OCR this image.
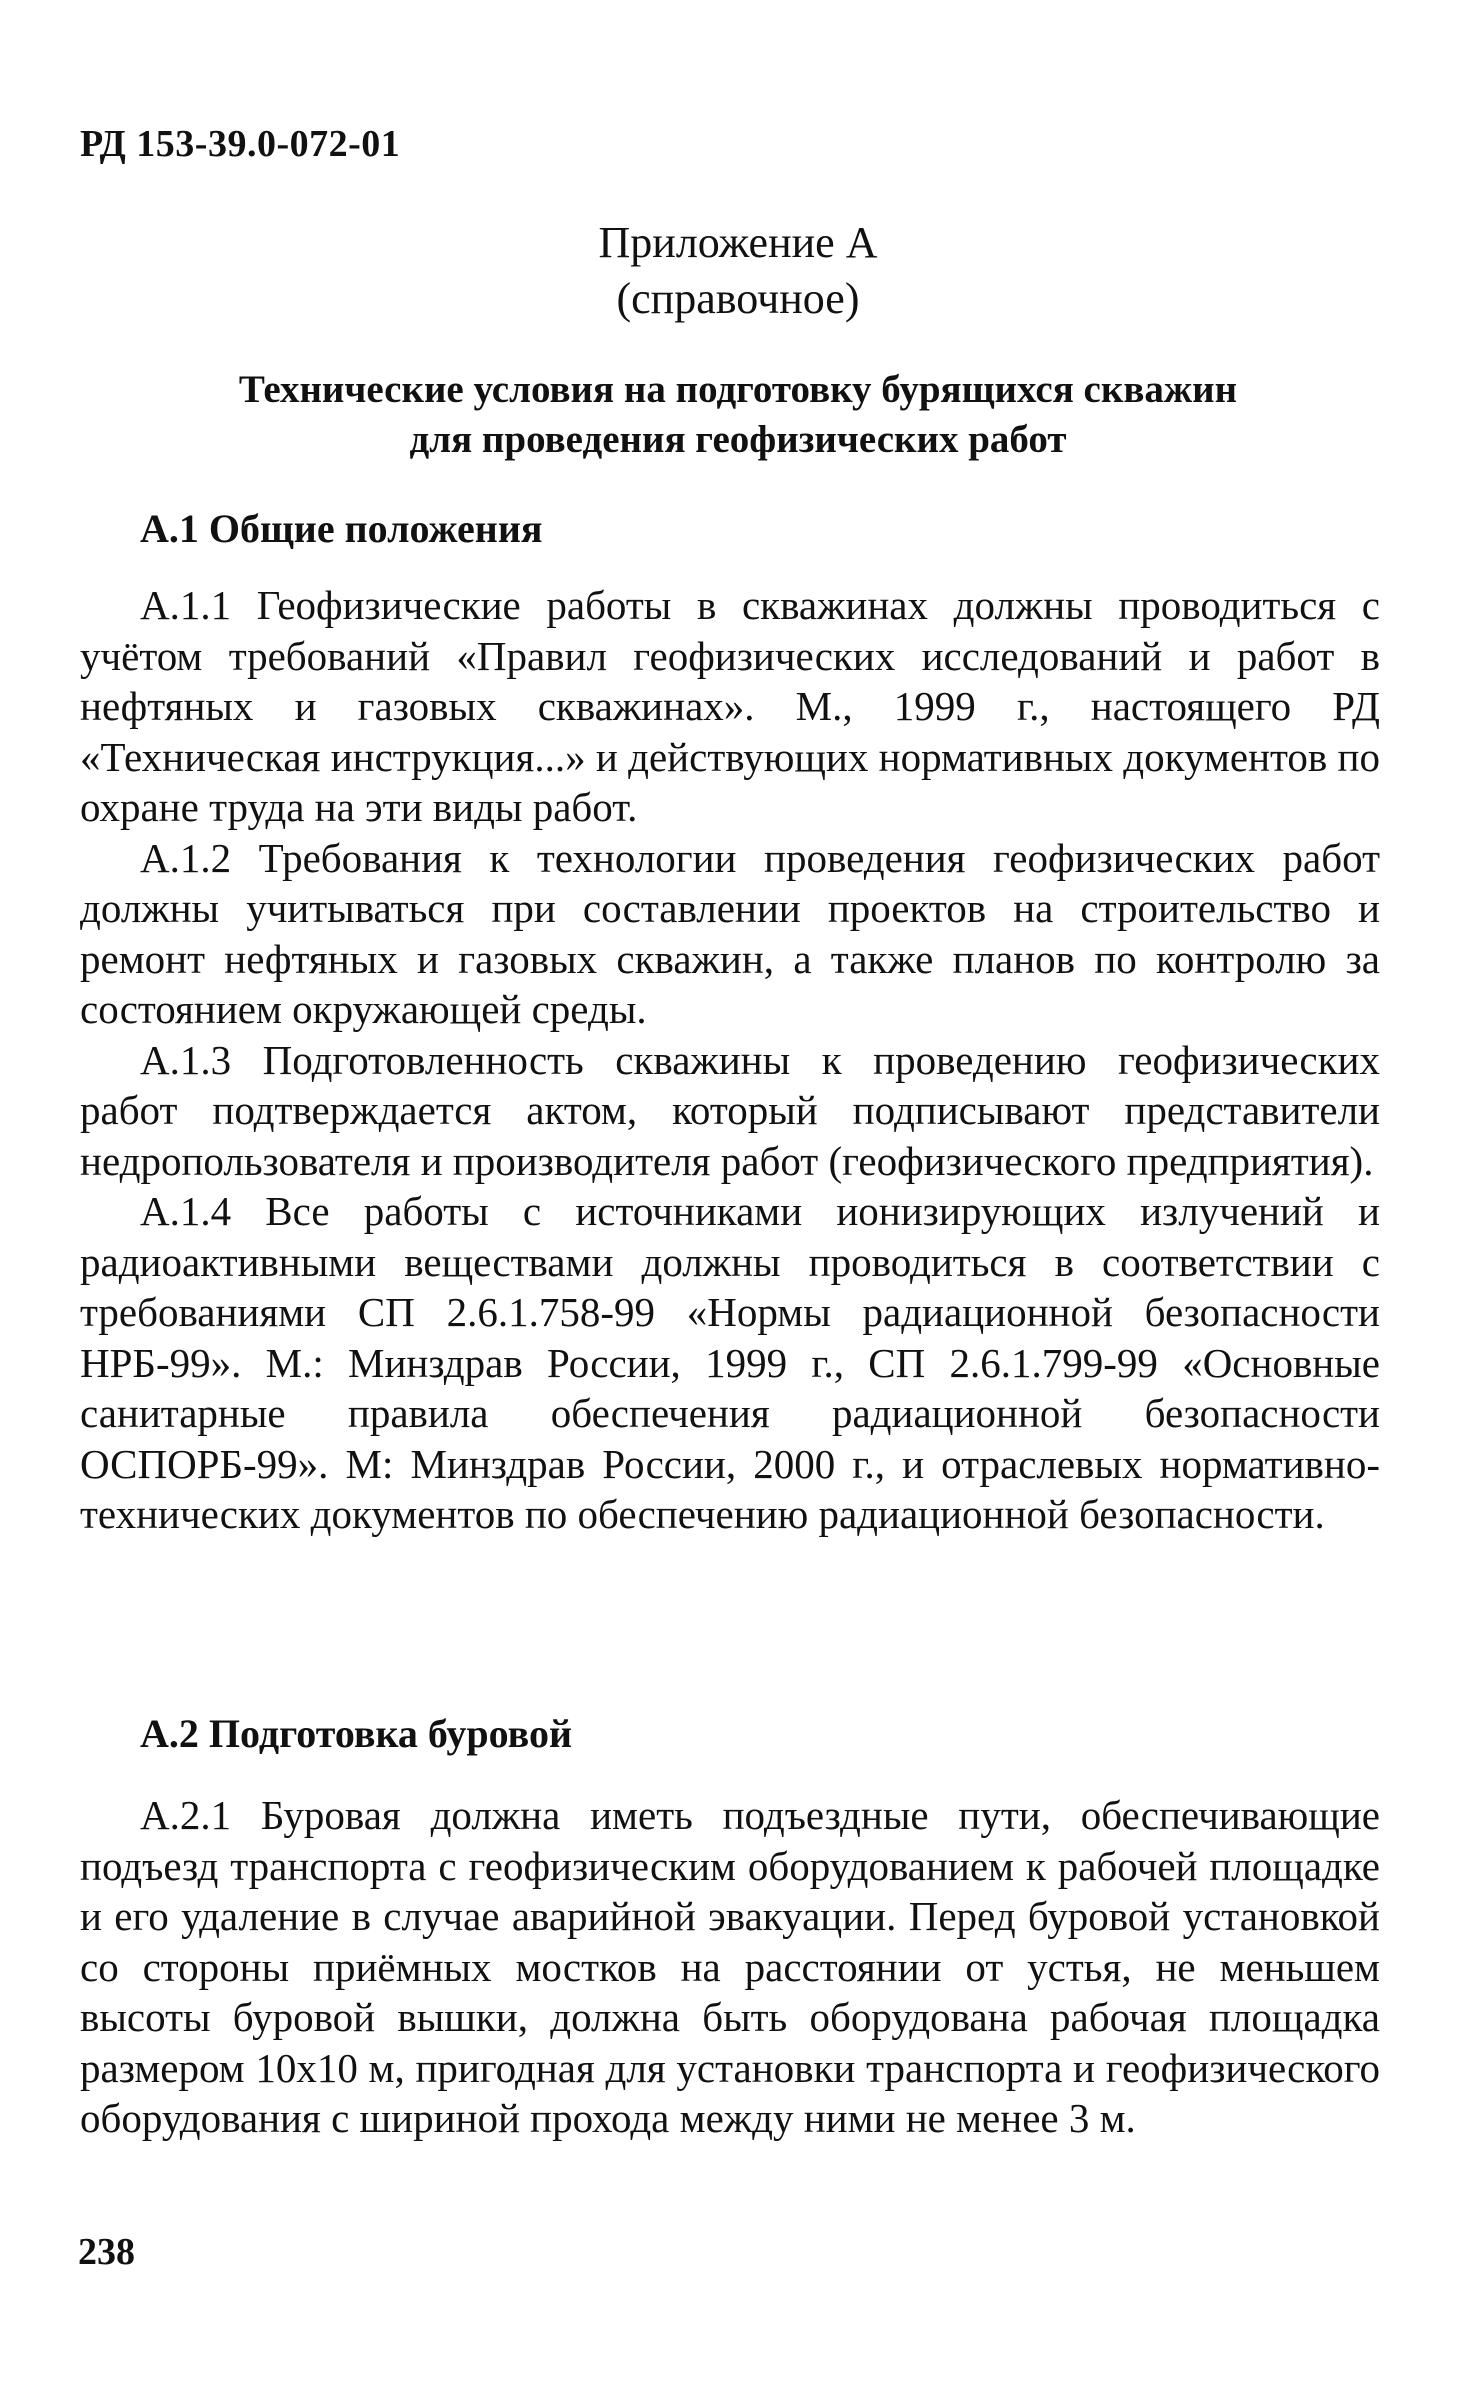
РД 153-39.0-072-01
Приложение А
(справочное)
Технические условия на подготовку бурящихся скважин
для проведения геофизических работ
А.1 Общие положения

А.1.1 Геофизические работы в скважинах должны проводиться с учётом требований «Правил геофизических исследований и работ в нефтяных и газовых скважинах». М., 1999 г., настоящего РД «Техническая инструкция...» и действующих нормативных документов по охране труда на эти виды работ.

А.1.2 Требования к технологии проведения геофизических работ должны учитываться при составлении проектов на строительство и ремонт нефтяных и газовых скважин, а также планов по контролю за состоянием окружающей среды.

А.1.3 Подготовленность скважины к проведению геофизических работ подтверждается актом, который подписывают представители недропользователя и производителя работ (геофизического предприятия).

А.1.4 Все работы с источниками ионизирующих излучений и радиоактивными веществами должны проводиться в соответствии с требованиями СП 2.6.1.758-99 «Нормы радиационной безопасности НРБ-99». М.: Минздрав России, 1999 г., СП 2.6.1.799-99 «Основные санитарные правила обеспечения радиационной безопасности ОСПОРБ-99». М: Минздрав России, 2000 г., и отраслевых нормативно-технических документов по обеспечению радиационной безопасности.

А.2 Подготовка буровой

А.2.1 Буровая должна иметь подъездные пути, обеспечивающие подъезд транспорта с геофизическим оборудованием к рабочей площадке и его удаление в случае аварийной эвакуации. Перед буровой установкой со стороны приёмных мостков на расстоянии от устья, не меньшем высоты буровой вышки, должна быть оборудована рабочая площадка размером 10х10 м, пригодная для установки транспорта и геофизического оборудования с шириной прохода между ними не менее 3 м.

238
